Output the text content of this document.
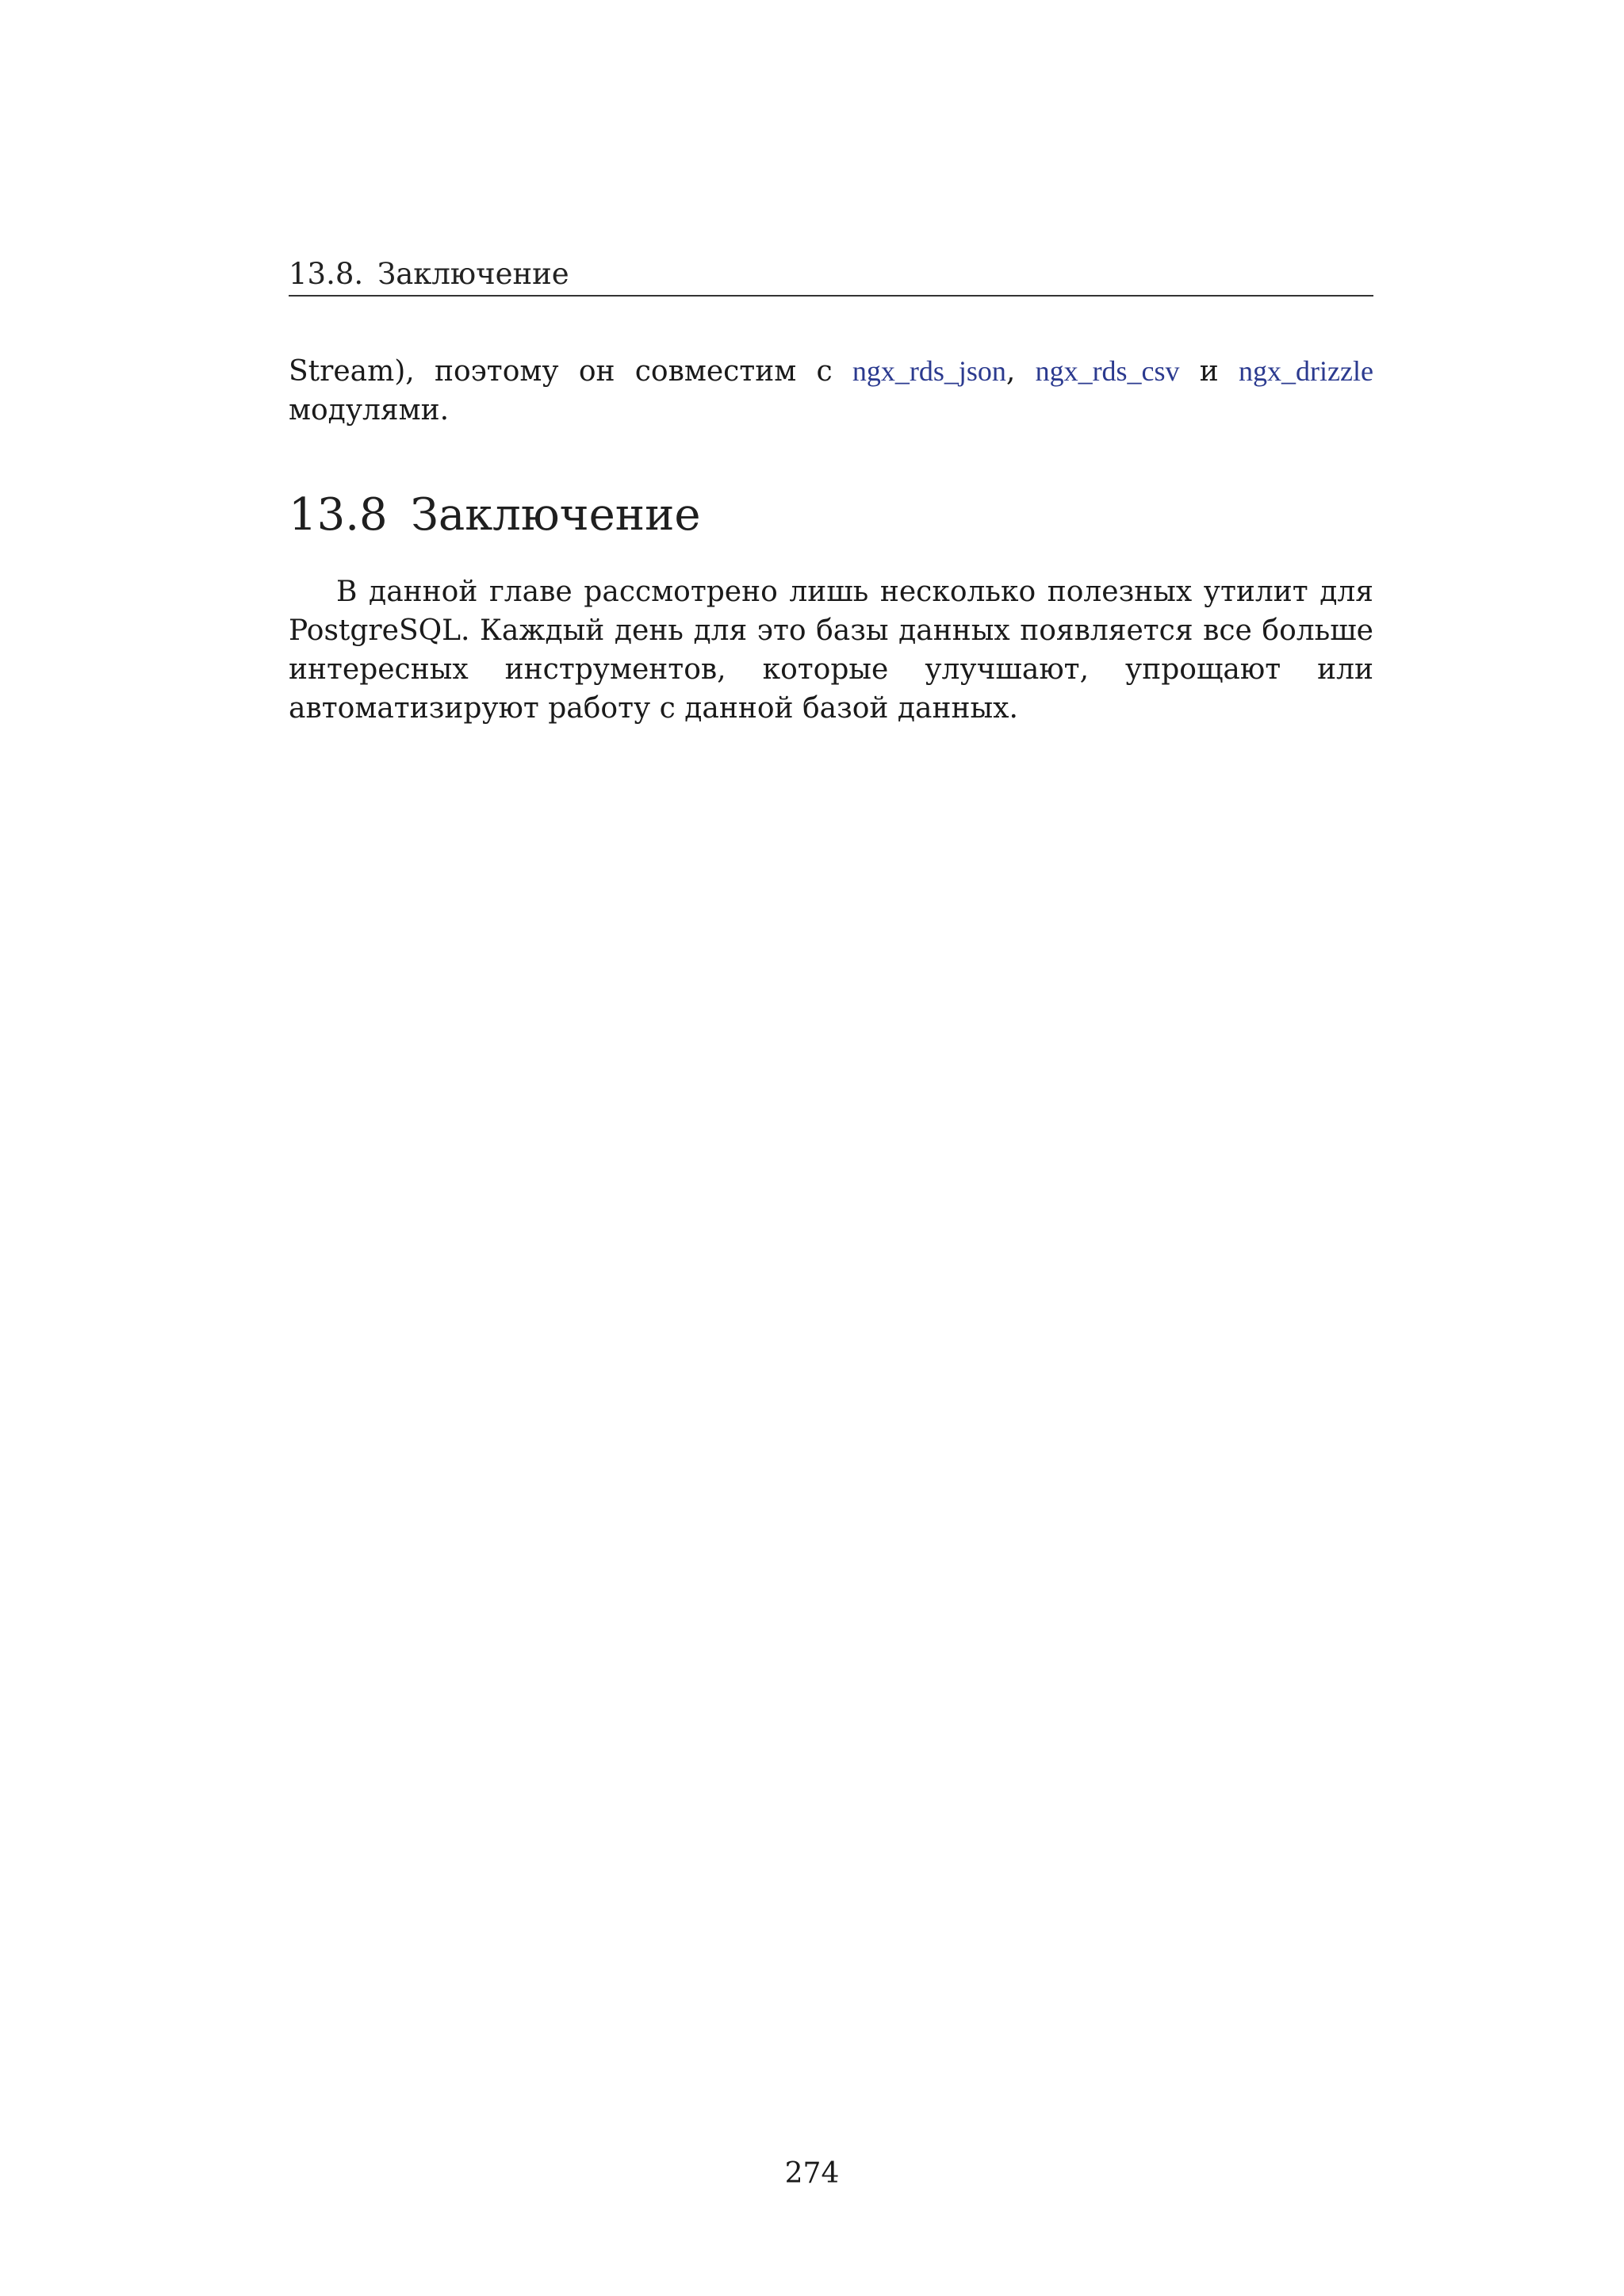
13.8. Заключение

Stream), поэтому он совместим с ngx_rds_json, ngx_rds_csv и ngx_drizzle модулями.

13.8 Заключение

В данной главе рассмотрено лишь несколько полезных утилит для PostgreSQL. Каждый день для это базы данных появляется все больше интересных инструментов, которые улучшают, упрощают или автоматизируют работу с данной базой данных.

274
